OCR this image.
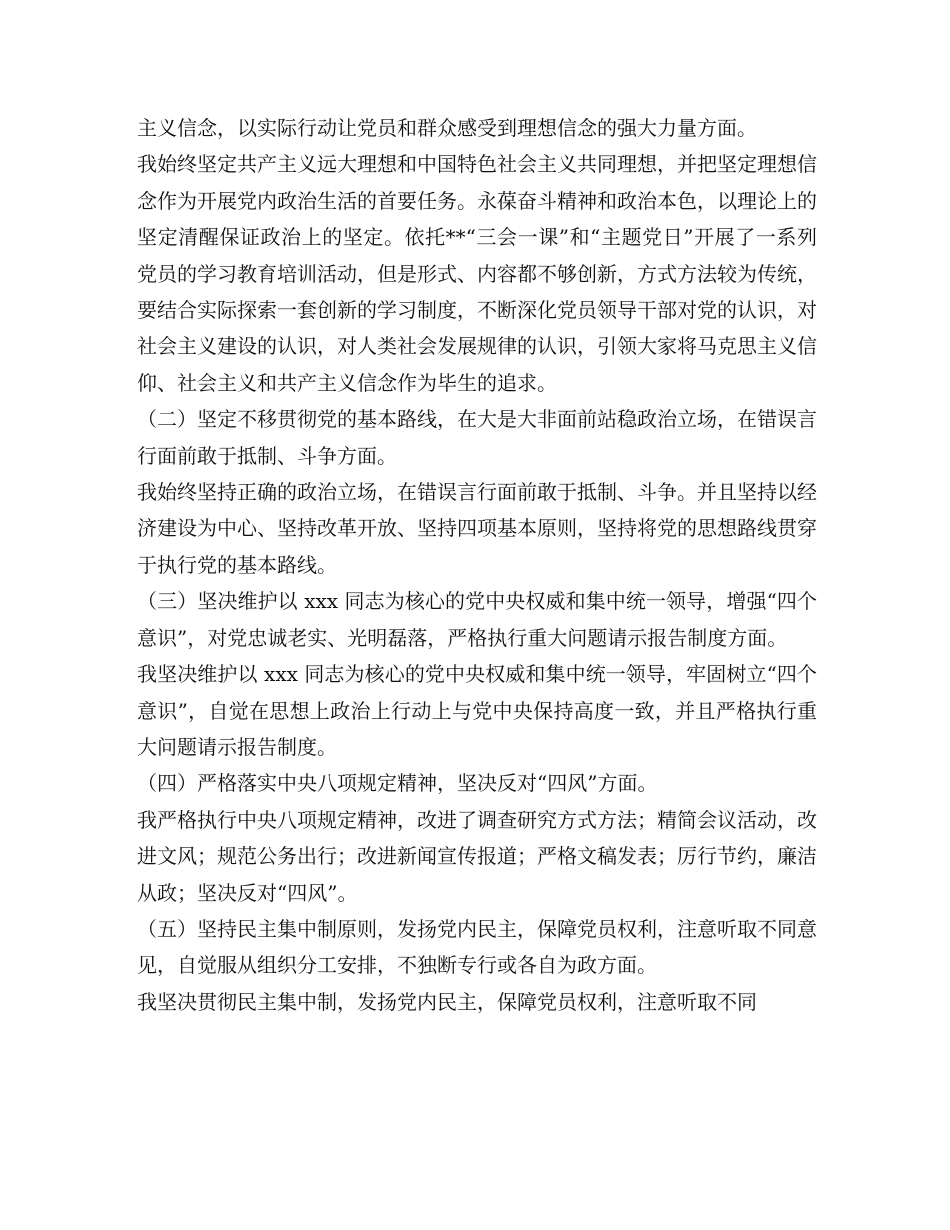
主义信念，以实际行动让党员和群众感受到理想信念的强大力量方面。

我始终坚定共产主义远大理想和中国特色社会主义共同理想，并把坚定理想信念作为开展党内政治生活的首要任务。永葆奋斗精神和政治本色，以理论上的坚定清醒保证政治上的坚定。依托**“三会一课”和“主题党日”开展了一系列党员的学习教育培训活动，但是形式、内容都不够创新，方式方法较为传统，要结合实际探索一套创新的学习制度，不断深化党员领导干部对党的认识，对社会主义建设的认识，对人类社会发展规律的认识，引领大家将马克思主义信仰、社会主义和共产主义信念作为毕生的追求。

（二）坚定不移贯彻党的基本路线，在大是大非面前站稳政治立场，在错误言行面前敢于抵制、斗争方面。

我始终坚持正确的政治立场，在错误言行面前敢于抵制、斗争。并且坚持以经济建设为中心、坚持改革开放、坚持四项基本原则，坚持将党的思想路线贯穿于执行党的基本路线。

（三）坚决维护以 xxx 同志为核心的党中央权威和集中统一领导，增强“四个意识”，对党忠诚老实、光明磊落，严格执行重大问题请示报告制度方面。

我坚决维护以 xxx 同志为核心的党中央权威和集中统一领导，牢固树立“四个意识”，自觉在思想上政治上行动上与党中央保持高度一致，并且严格执行重大问题请示报告制度。

（四）严格落实中央八项规定精神，坚决反对“四风”方面。

我严格执行中央八项规定精神，改进了调查研究方式方法；精简会议活动，改进文风；规范公务出行；改进新闻宣传报道；严格文稿发表；厉行节约，廉洁从政；坚决反对“四风”。

（五）坚持民主集中制原则，发扬党内民主，保障党员权利，注意听取不同意见，自觉服从组织分工安排，不独断专行或各自为政方面。

我坚决贯彻民主集中制，发扬党内民主，保障党员权利，注意听取不同
